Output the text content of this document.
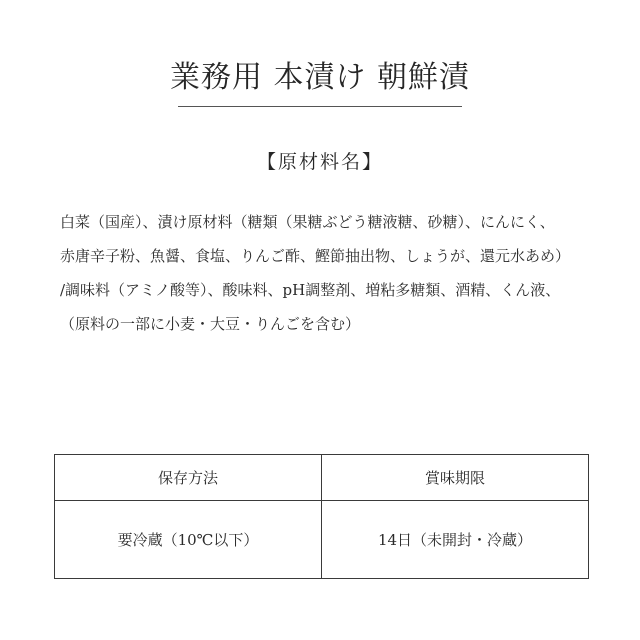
業務用 本漬け 朝鮮漬
【原材料名】

白菜（国産）、漬け原材料（糖類（果糖ぶどう糖液糖、砂糖）、にんにく、

赤唐辛子粉、魚醤、食塩、りんご酢、鰹節抽出物、しょうが、還元水あめ）

/調味料（アミノ酸等）、酸味料、pH調整剤、増粘多糖類、酒精、くん液、

（原料の一部に小麦・大豆・りんごを含む）

保存方法	賞味期限
要冷蔵（10℃以下）	14日（未開封・冷蔵）
